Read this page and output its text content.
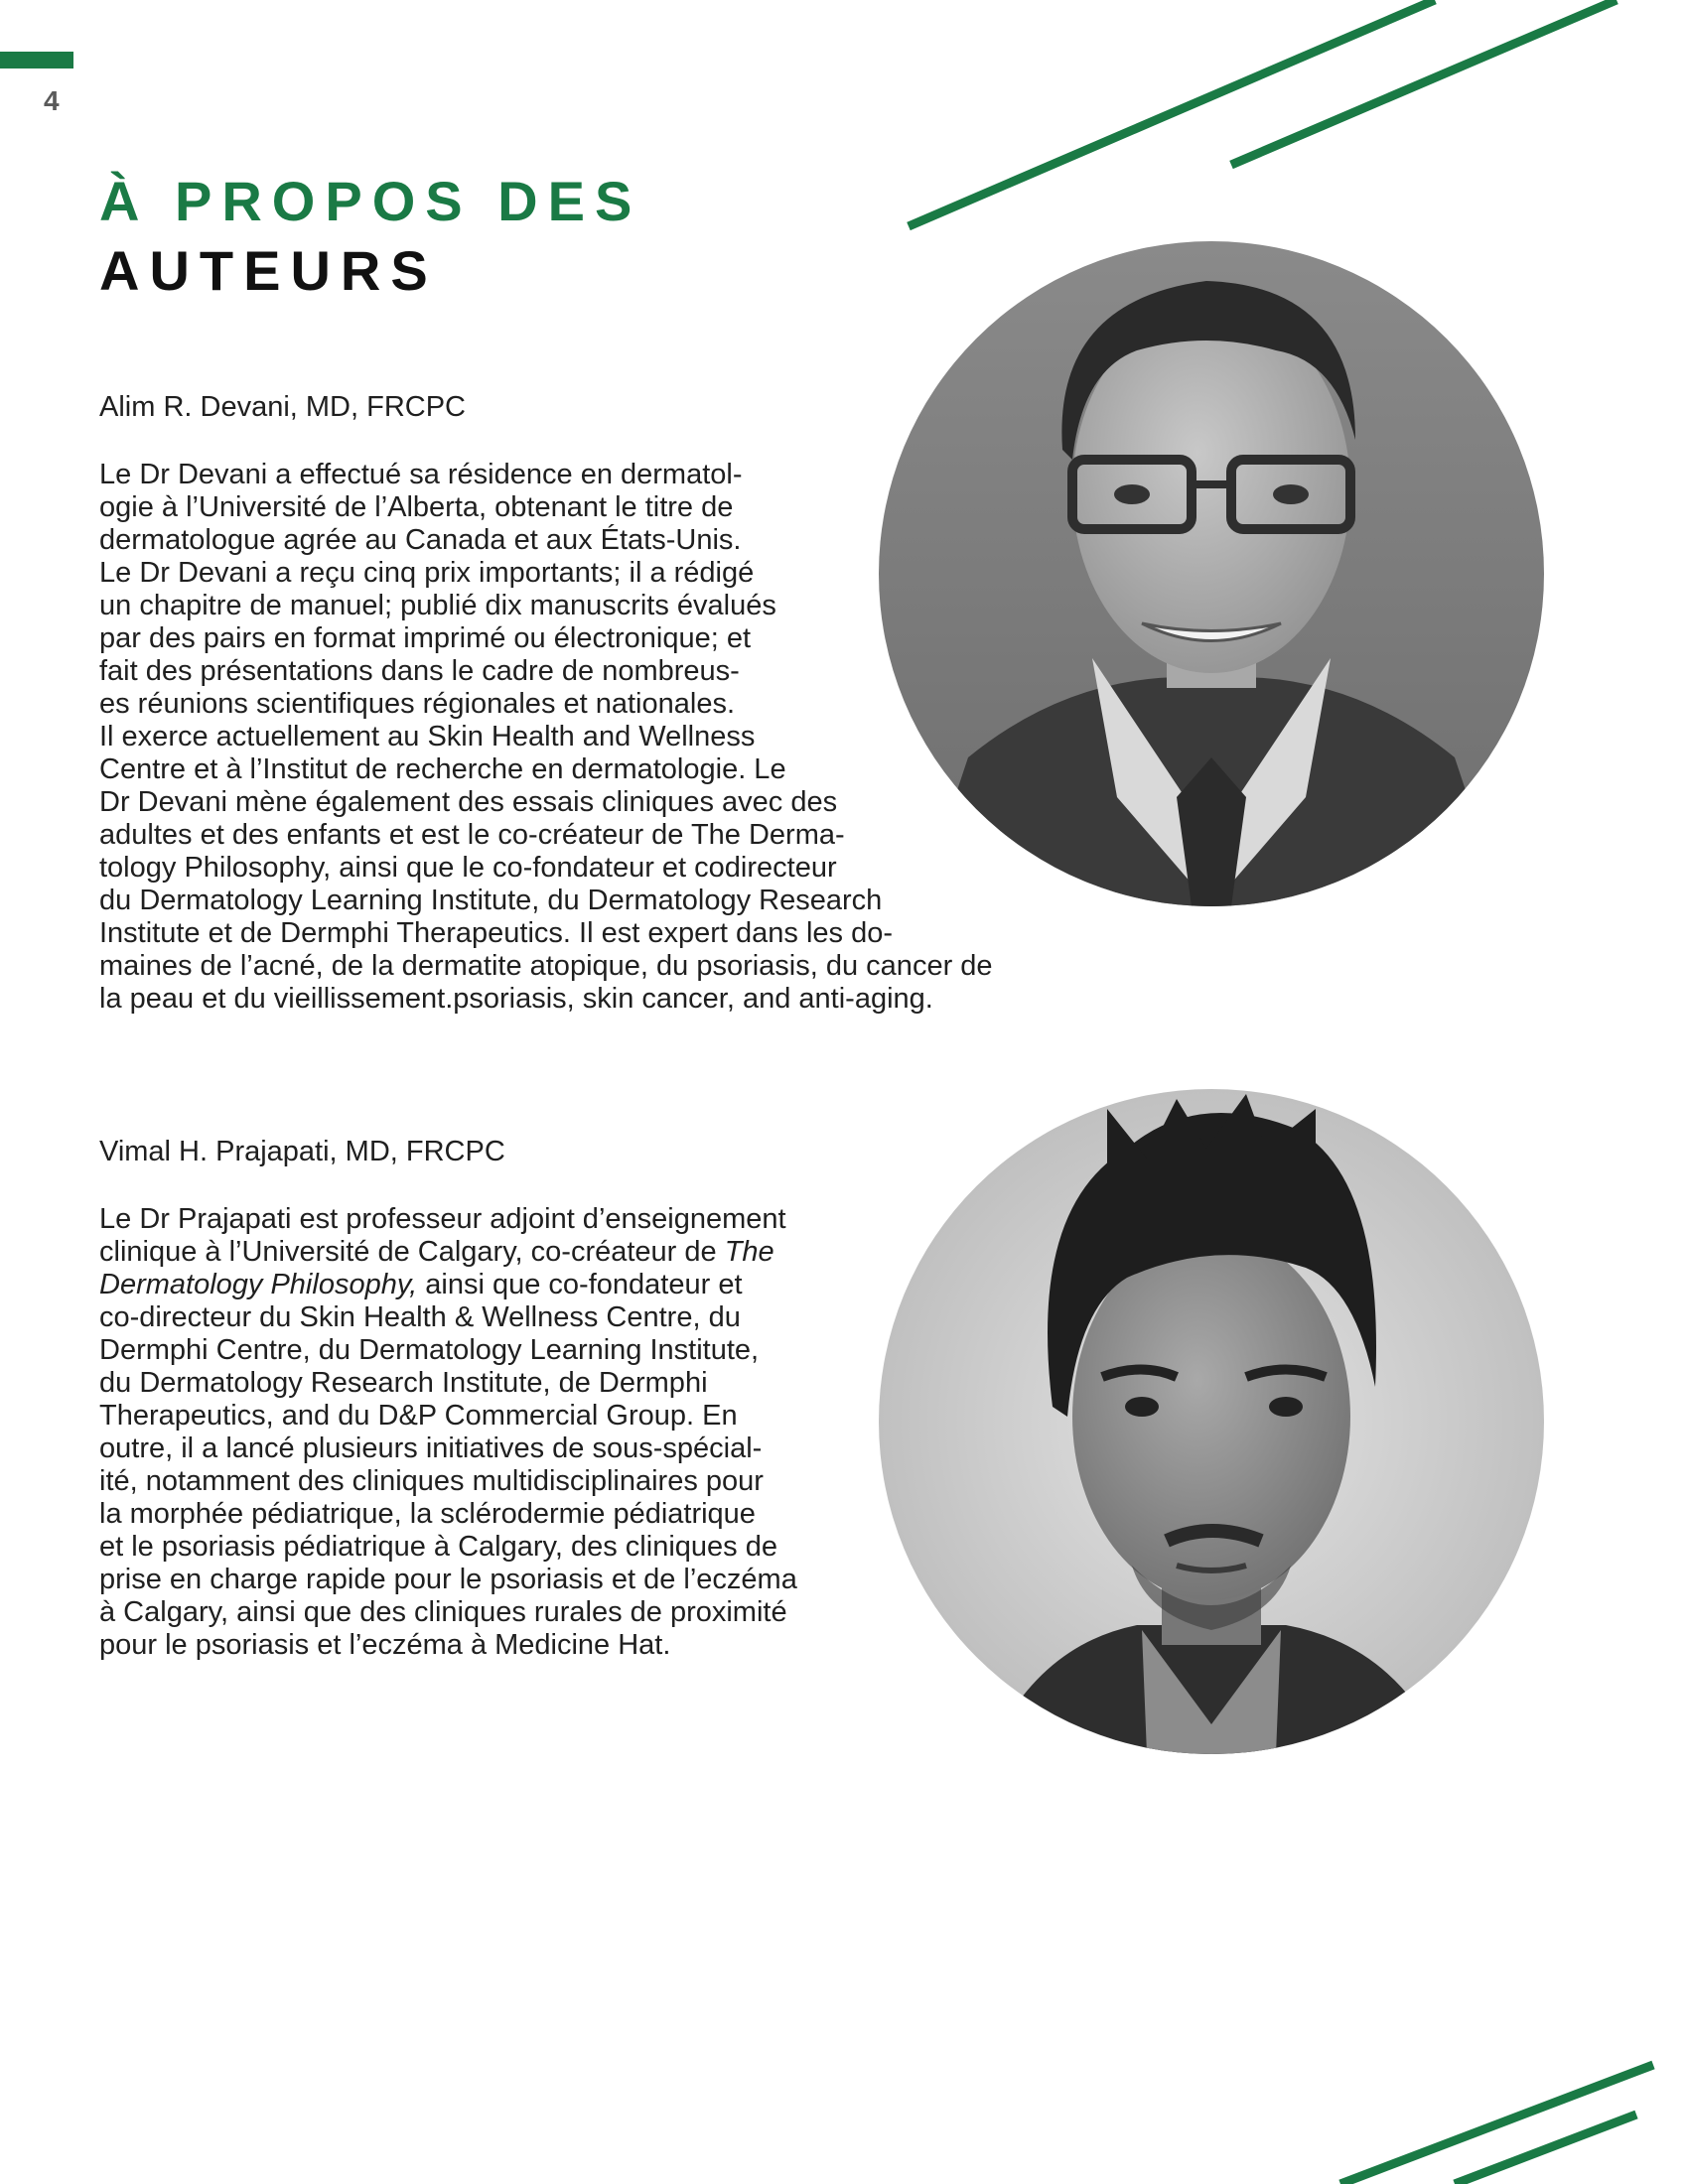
4
À PROPOS DES
AUTEURS
Alim R. Devani, MD, FRCPC
Le Dr Devani a effectué sa résidence en dermatol-
ogie à l’Université de l’Alberta, obtenant le titre de
dermatologue agrée au Canada et aux États-Unis.
Le Dr Devani a reçu cinq prix importants; il a rédigé
un chapitre de manuel; publié dix manuscrits évalués
par des pairs en format imprimé ou électronique; et
fait des présentations dans le cadre de nombreus-
es réunions scientifiques régionales et nationales.
Il exerce actuellement au Skin Health and Wellness
Centre et à l’Institut de recherche en dermatologie. Le
Dr Devani mène également des essais cliniques avec des
adultes et des enfants et est le co-créateur de The Derma-
tology Philosophy, ainsi que le co-fondateur et codirecteur
du Dermatology Learning Institute, du Dermatology Research
Institute et de Dermphi Therapeutics. Il est expert dans les do-
maines de l’acné, de la dermatite atopique, du psoriasis, du cancer de
la peau et du vieillissement.psoriasis, skin cancer, and anti-aging.
Vimal H. Prajapati, MD, FRCPC
Le Dr Prajapati est professeur adjoint d’enseignement
clinique à l’Université de Calgary, co-créateur de The
Dermatology Philosophy, ainsi que co-fondateur et
co-directeur du Skin Health & Wellness Centre, du
Dermphi Centre, du Dermatology Learning Institute,
du Dermatology Research Institute, de Dermphi
Therapeutics, and du D&P Commercial Group. En
outre, il a lancé plusieurs initiatives de sous-spécial-
ité, notamment des cliniques multidisciplinaires pour
la morphée pédiatrique, la sclérodermie pédiatrique
et le psoriasis pédiatrique à Calgary, des cliniques de
prise en charge rapide pour le psoriasis et de l’eczéma
à Calgary, ainsi que des cliniques rurales de proximité
pour le psoriasis et l’eczéma à Medicine Hat.
